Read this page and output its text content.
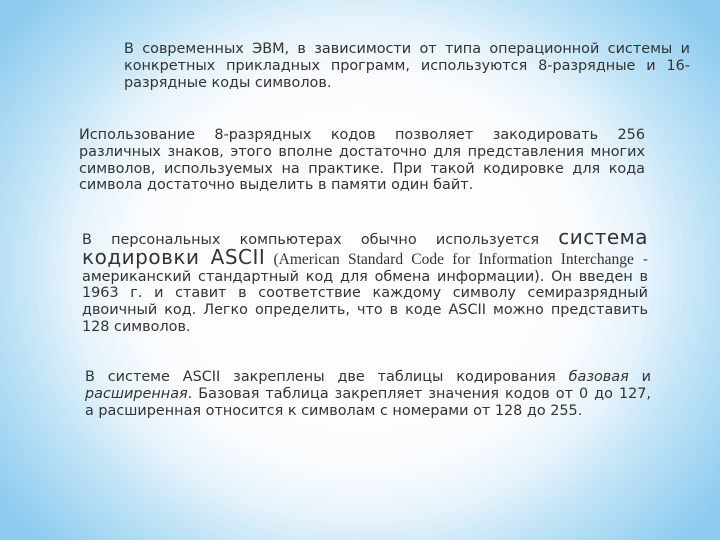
В современных ЭВМ, в зависимости от типа операционной системы и конкретных прикладных программ, используются 8-разрядные и 16-разрядные коды символов.

Использование 8-разрядных кодов позволяет закодировать 256 различных знаков, этого вполне достаточно для представления многих символов, используемых на практике. При такой кодировке для кода символа достаточно выделить в памяти один байт.

В персональных компьютерах обычно используется система кодировки ASCII (American Standard Code for Information Interchange - американский стандартный код для обмена информации). Он введен в 1963 г. и ставит в соответствие каждому символу семиразрядный двоичный код. Легко определить, что в коде ASCII можно представить 128 символов.

В системе ASCII закреплены две таблицы кодирования базовая и расширенная. Базовая таблица закрепляет значения кодов от 0 до 127, а расширенная относится к символам с номерами от 128 до 255.
